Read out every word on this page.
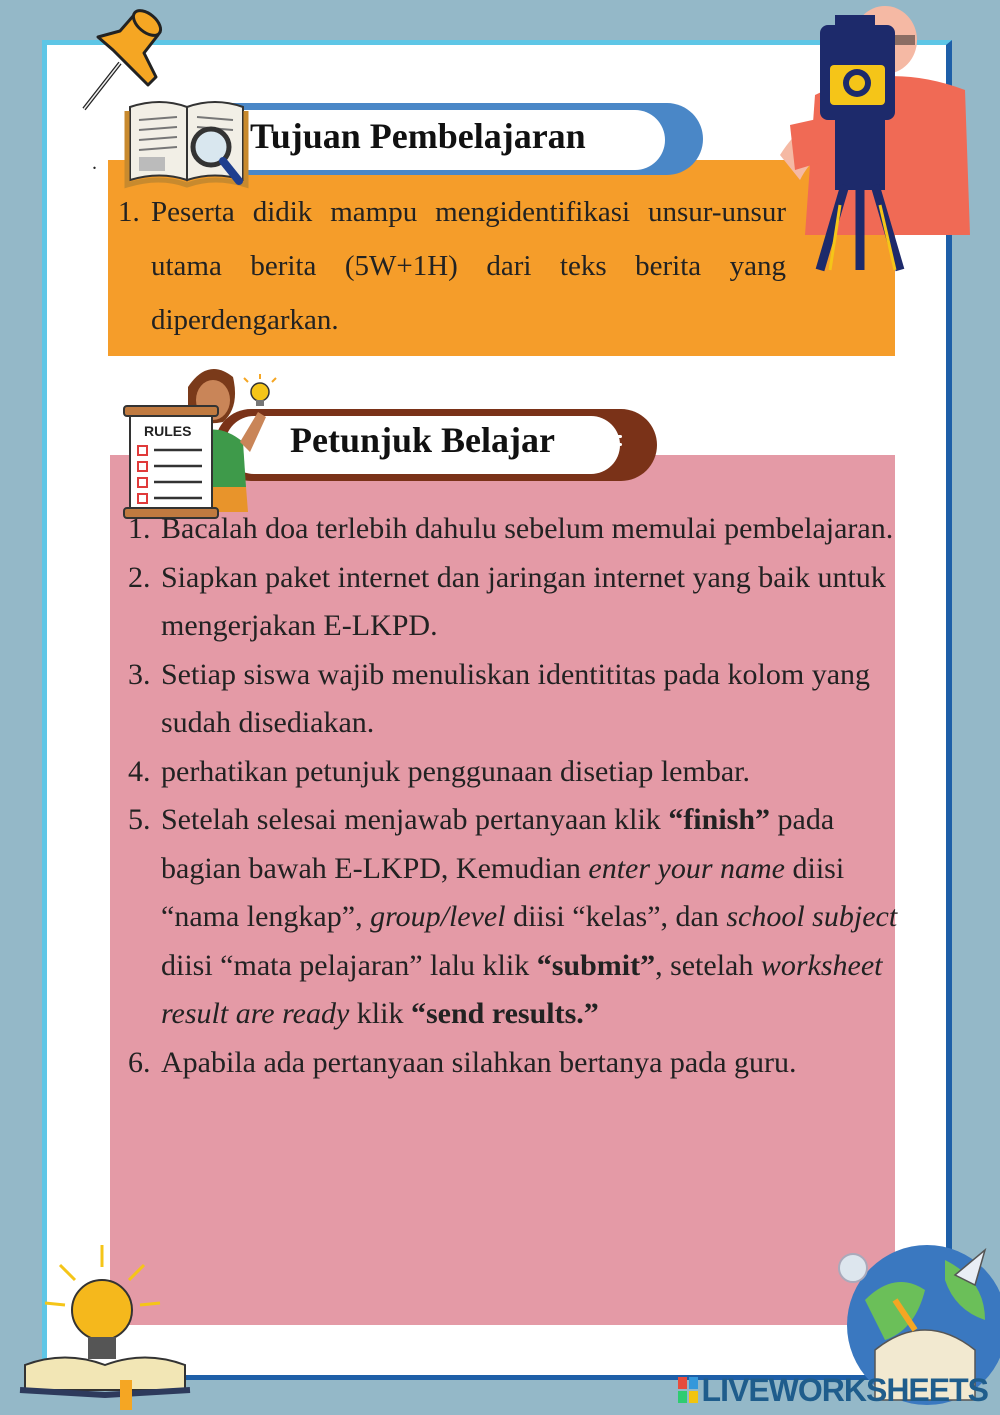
.
Tujuan Pembelajaran
1. Peserta didik mampu mengidentifikasi unsur-unsur utama berita (5W+1H) dari teks berita yang diperdengarkan.
Petunjuk Belajar
RULES
1. Bacalah doa terlebih dahulu sebelum memulai pembelajaran.
2. Siapkan paket internet dan jaringan internet yang baik untuk mengerjakan E-LKPD.
3. Setiap siswa wajib menuliskan identititas pada kolom yang sudah disediakan.
4. perhatikan petunjuk penggunaan disetiap lembar.
5. Setelah selesai menjawab pertanyaan klik “finish” pada bagian bawah E-LKPD, Kemudian enter your name diisi “nama lengkap”, group/level diisi “kelas”, dan school subject diisi “mata pelajaran” lalu klik “submit”, setelah worksheet result are ready klik “send results.”
6. Apabila ada pertanyaan silahkan bertanya pada guru.
LIVEWORKSHEETS
